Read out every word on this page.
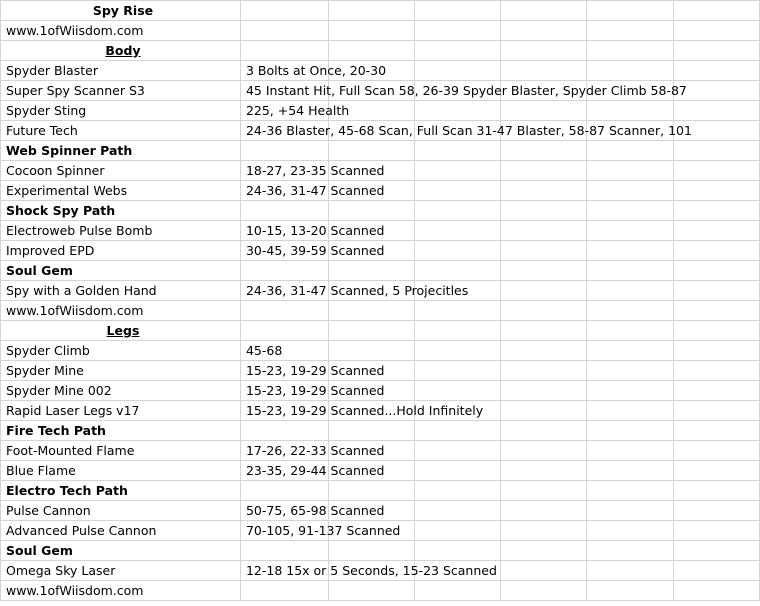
Spy Rise	

www.1ofWiisdom.com	

Body	

Spyder Blaster	3 Bolts at Once, 20-30					

Super Spy Scanner S3	45 Instant Hit, Full Scan 58, 26-39 Spyder Blaster, Spyder Climb 58-87					

Spyder Sting	225, +54 Health					

Future Tech	24-36 Blaster, 45-68 Scan, Full Scan 31-47 Blaster, 58-87 Scanner, 101					

Web Spinner Path	

Cocoon Spinner	18-27, 23-35 Scanned					

Experimental Webs	24-36, 31-47 Scanned					

Shock Spy Path	

Electroweb Pulse Bomb	10-15, 13-20 Scanned					

Improved EPD	30-45, 39-59 Scanned					

Soul Gem	

Spy with a Golden Hand	24-36, 31-47 Scanned, 5 Projecitles					

www.1ofWiisdom.com	

Legs	

Spyder Climb	45-68					

Spyder Mine	15-23, 19-29 Scanned					

Spyder Mine 002	15-23, 19-29 Scanned					

Rapid Laser Legs v17	15-23, 19-29 Scanned...Hold Infinitely					

Fire Tech Path	

Foot-Mounted Flame	17-26, 22-33 Scanned					

Blue Flame	23-35, 29-44 Scanned					

Electro Tech Path	

Pulse Cannon	50-75, 65-98 Scanned					

Advanced Pulse Cannon	70-105, 91-137 Scanned					

Soul Gem	

Omega Sky Laser	12-18 15x or 5 Seconds, 15-23 Scanned					

www.1ofWiisdom.com	
